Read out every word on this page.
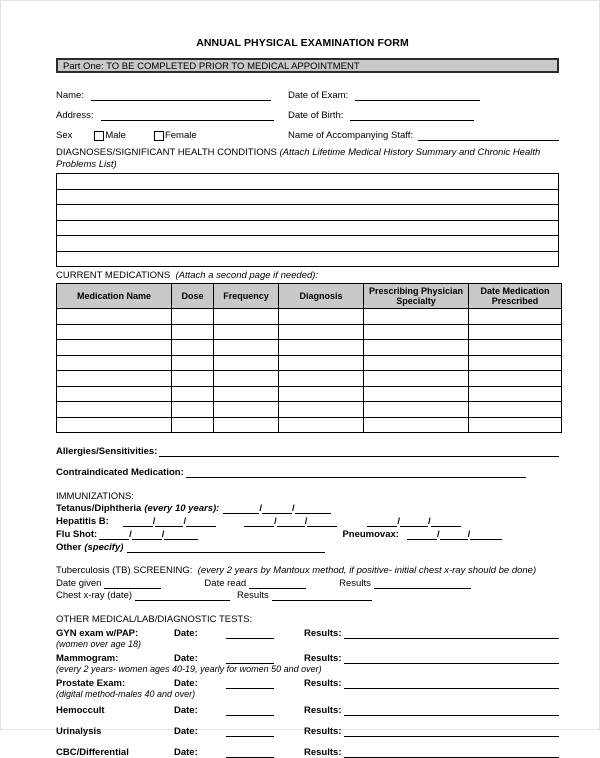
ANNUAL PHYSICAL EXAMINATION FORM
Part One: TO BE COMPLETED PRIOR TO MEDICAL APPOINTMENT
Name:	Date of Exam:
Address:	Date of Birth:
Sex	Male	Female	Name of Accompanying Staff:
DIAGNOSES/SIGNIFICANT HEALTH CONDITIONS (Attach Lifetime Medical History Summary and Chronic Health Problems List)

CURRENT MEDICATIONS (Attach a second page if needed):
Medication Name	Dose	Frequency	Diagnosis	Prescribing Physician Specialty	Date Medication Prescribed

Allergies/Sensitivities:
Contraindicated Medication:
IMMUNIZATIONS:
Tetanus/Diphtheria (every 10 years):	/	/
Hepatitis B:	/	/	/	/	/	/
Flu Shot:	/	/	Pneumovax:	/	/
Other (specify)
Tuberculosis (TB) SCREENING: (every 2 years by Mantoux method, if positive- initial chest x-ray should be done)
Date given	Date read	Results
Chest x-ray (date)	Results
OTHER MEDICAL/LAB/DIAGNOSTIC TESTS:
GYN exam w/PAP:	Date:	Results:
(women over age 18)
Mammogram:	Date:	Results:
(every 2 years- women ages 40-19, yearly for women 50 and over)
Prostate Exam:	Date:	Results:
(digital method-males 40 and over)
Hemoccult	Date:	Results:
Urinalysis	Date:	Results:
CBC/Differential	Date:	Results:
